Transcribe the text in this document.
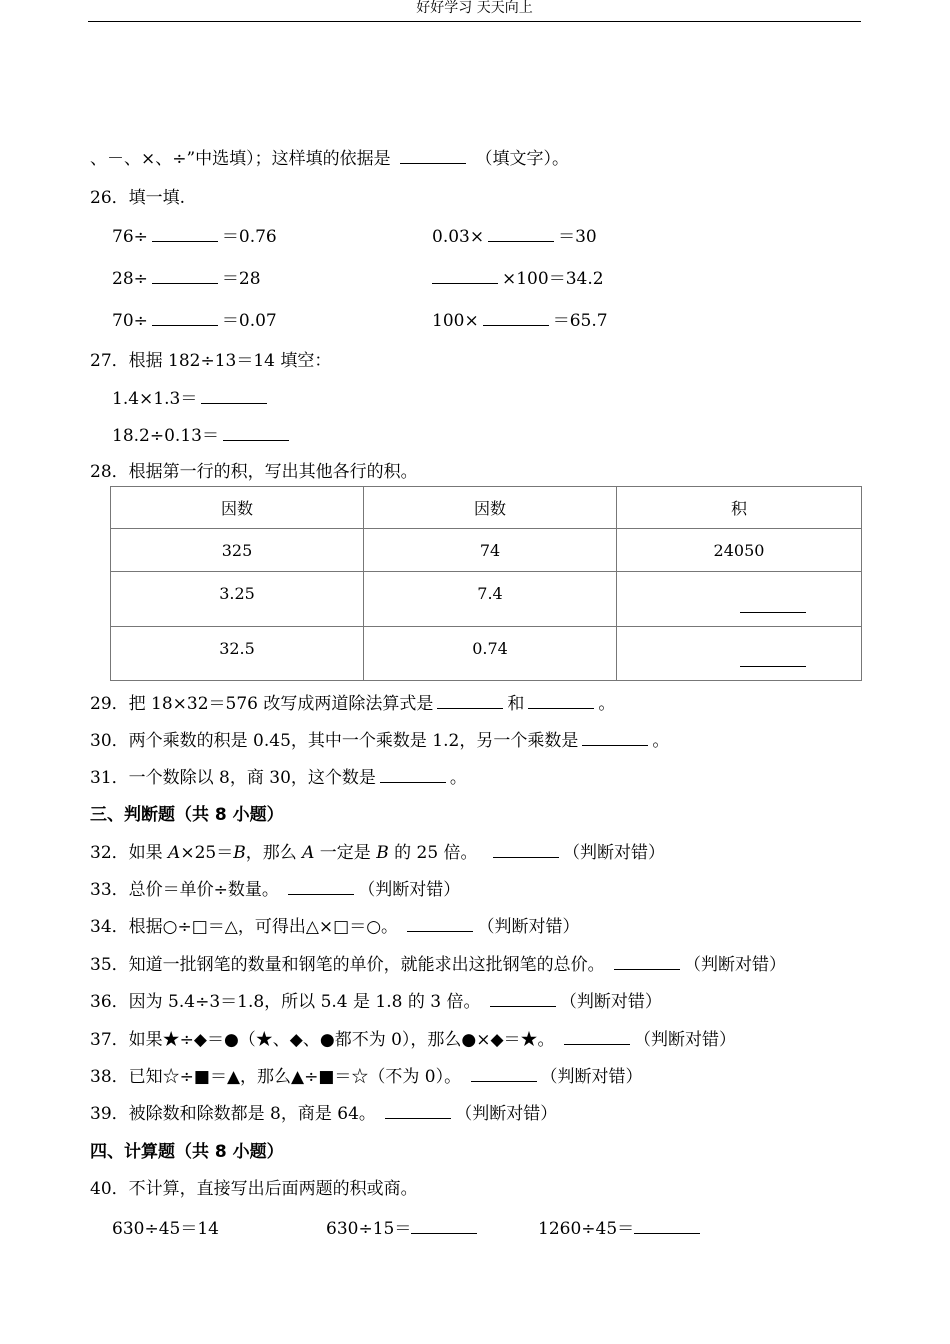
好好学习 天天向上
、－、×、÷”中选填）；这样填的依据是	（填文字）。
26．填一填.
76÷	＝0.76	0.03×	＝30
28÷	＝28	×100＝34.2
70÷	＝0.07	100×	＝65.7
27．根据 182÷13＝14 填空：
1.4×1.3＝
18.2÷0.13＝
28．根据第一行的积，写出其他各行的积。
因数	因数	积
325	74	24050
3.25	7.4	
32.5	0.74	
29．把 18×32＝576 改写成两道除法算式是	和	。
30．两个乘数的积是 0.45，其中一个乘数是 1.2，另一个乘数是	。
31．一个数除以 8，商 30，这个数是	。
三、判断题（共 8 小题）
32．如果 A×25＝B，那么 A 一定是 B 的 25 倍。	（判断对错）
33．总价＝单价÷数量。	（判断对错）
34．根据○÷□＝△，可得出△×□＝○。	（判断对错）
35．知道一批钢笔的数量和钢笔的单价，就能求出这批钢笔的总价。	（判断对错）
36．因为 5.4÷3＝1.8，所以 5.4 是 1.8 的 3 倍。	（判断对错）
37．如果★÷◆＝●（★、◆、●都不为 0），那么●×◆＝★。	（判断对错）
38．已知☆÷■＝▲，那么▲÷■＝☆（不为 0）。	（判断对错）
39．被除数和除数都是 8，商是 64。	（判断对错）
四、计算题（共 8 小题）
40．不计算，直接写出后面两题的积或商。
630÷45＝14	630÷15＝	1260÷45＝
